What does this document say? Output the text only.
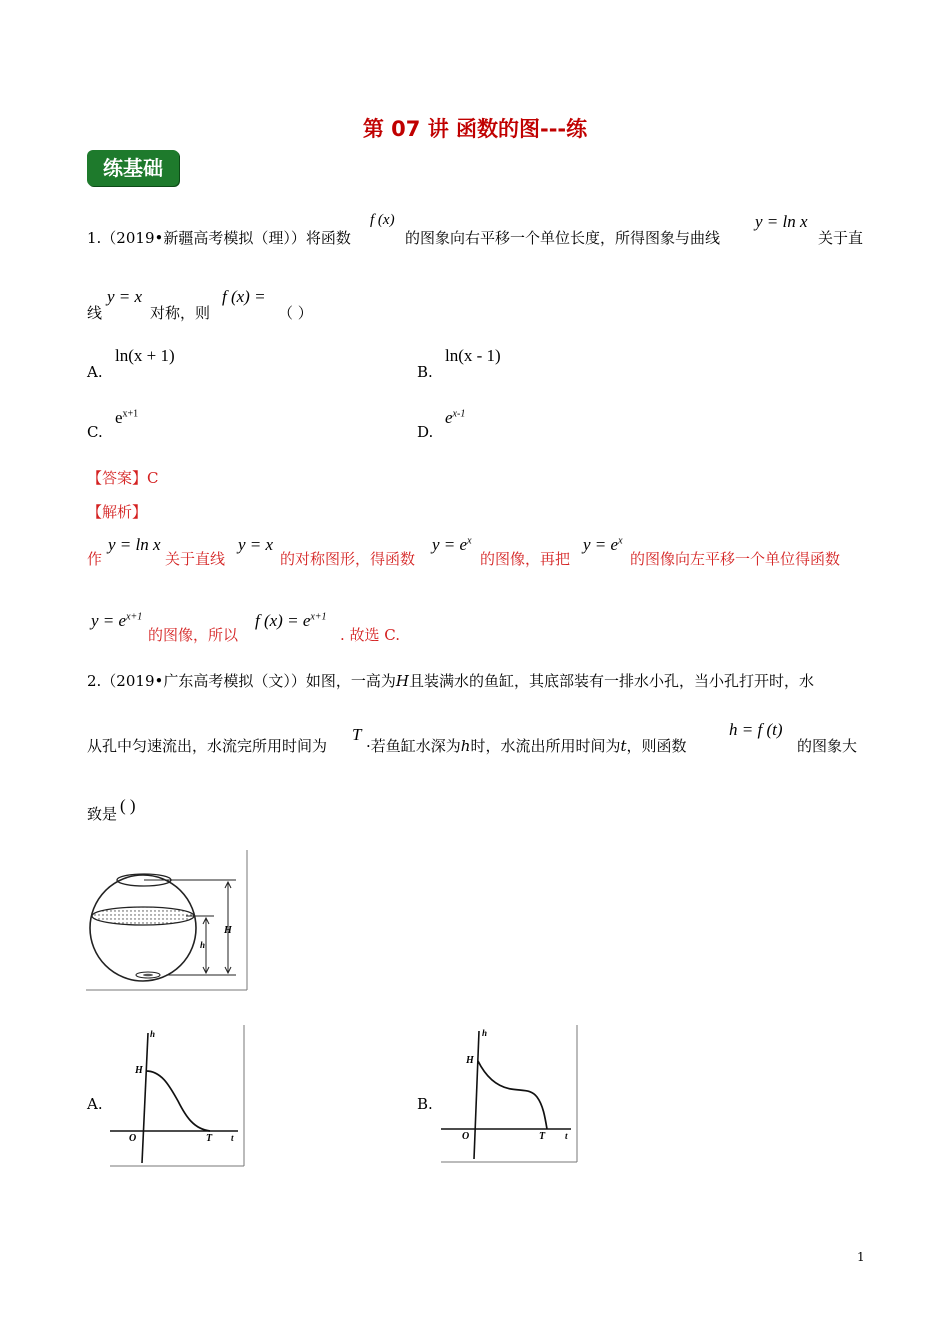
第 07 讲 函数的图---练
练基础
1.（2019•新疆高考模拟（理））将函数
f (x)
的图象向右平移一个单位长度，所得图象与曲线
y = ln x
关于直
线
y = x
对称，则
f (x) =
（ ）
A.
ln(x + 1)
B.
ln(x - 1)
C.
$e^{x+1}$
D.
$e^{x-1}$
【答案】C
【解析】
作
y = ln x
关于直线
y = x
的对称图形，得函数
$y = e^x$
的图像，再把
$y = e^x$
的图像向左平移一个单位得函数
$y = e^{x+1}$
的图像，所以
f $(x) = e^{x+1}$
. 故选 C.
2.（2019•广东高考模拟（文））如图，一高为H且装满水的鱼缸，其底部装有一排水小孔，当小孔打开时，水
从孔中匀速流出，水流完所用时间为
T
·若鱼缸水深为h时，水流出所用时间为t，则函数
h = f (t)
的图象大
致是 ( )
H
h
A.
h
H
O	T t
B.
h
H
O	T t
1
